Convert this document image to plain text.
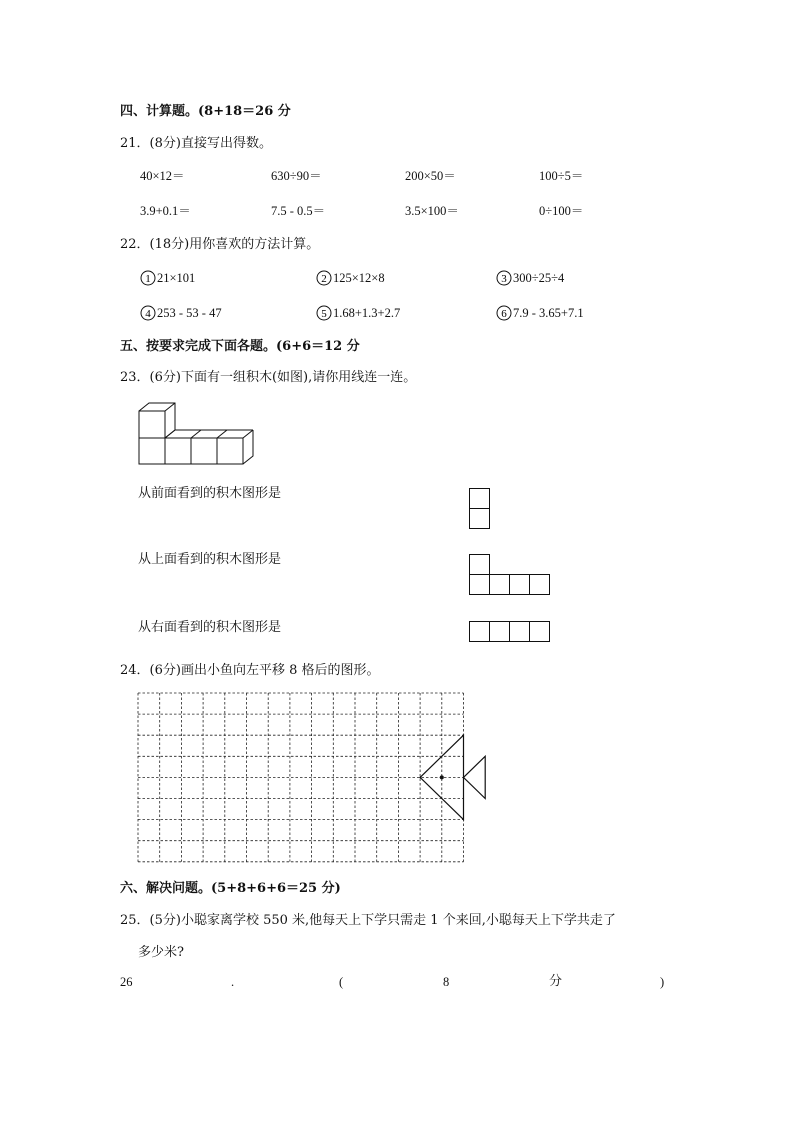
四、计算题。(8+18＝26 分
21．(8分)直接写出得数。
40×12＝	630÷90＝	200×50＝	100÷5＝
3.9+0.1＝	7.5 - 0.5＝	3.5×100＝	0÷100＝
22．(18分)用你喜欢的方法计算。
1 21×101	2 125×12×8	3 300÷25÷4
4 253 - 53 - 47	5 1.68+1.3+2.7	6 7.9 - 3.65+7.1
五、按要求完成下面各题。(6+6＝12 分
23．(6分)下面有一组积木(如图),请你用线连一连。
从前面看到的积木图形是
从上面看到的积木图形是
从右面看到的积木图形是
24．(6分)画出小鱼向左平移 8 格后的图形。
六、解决问题。(5+8+6+6＝25 分)
25．(5分)小聪家离学校 550 米,他每天上下学只需走 1 个来回,小聪每天上下学共走了
多少米?
26	.	(	8	分	)
